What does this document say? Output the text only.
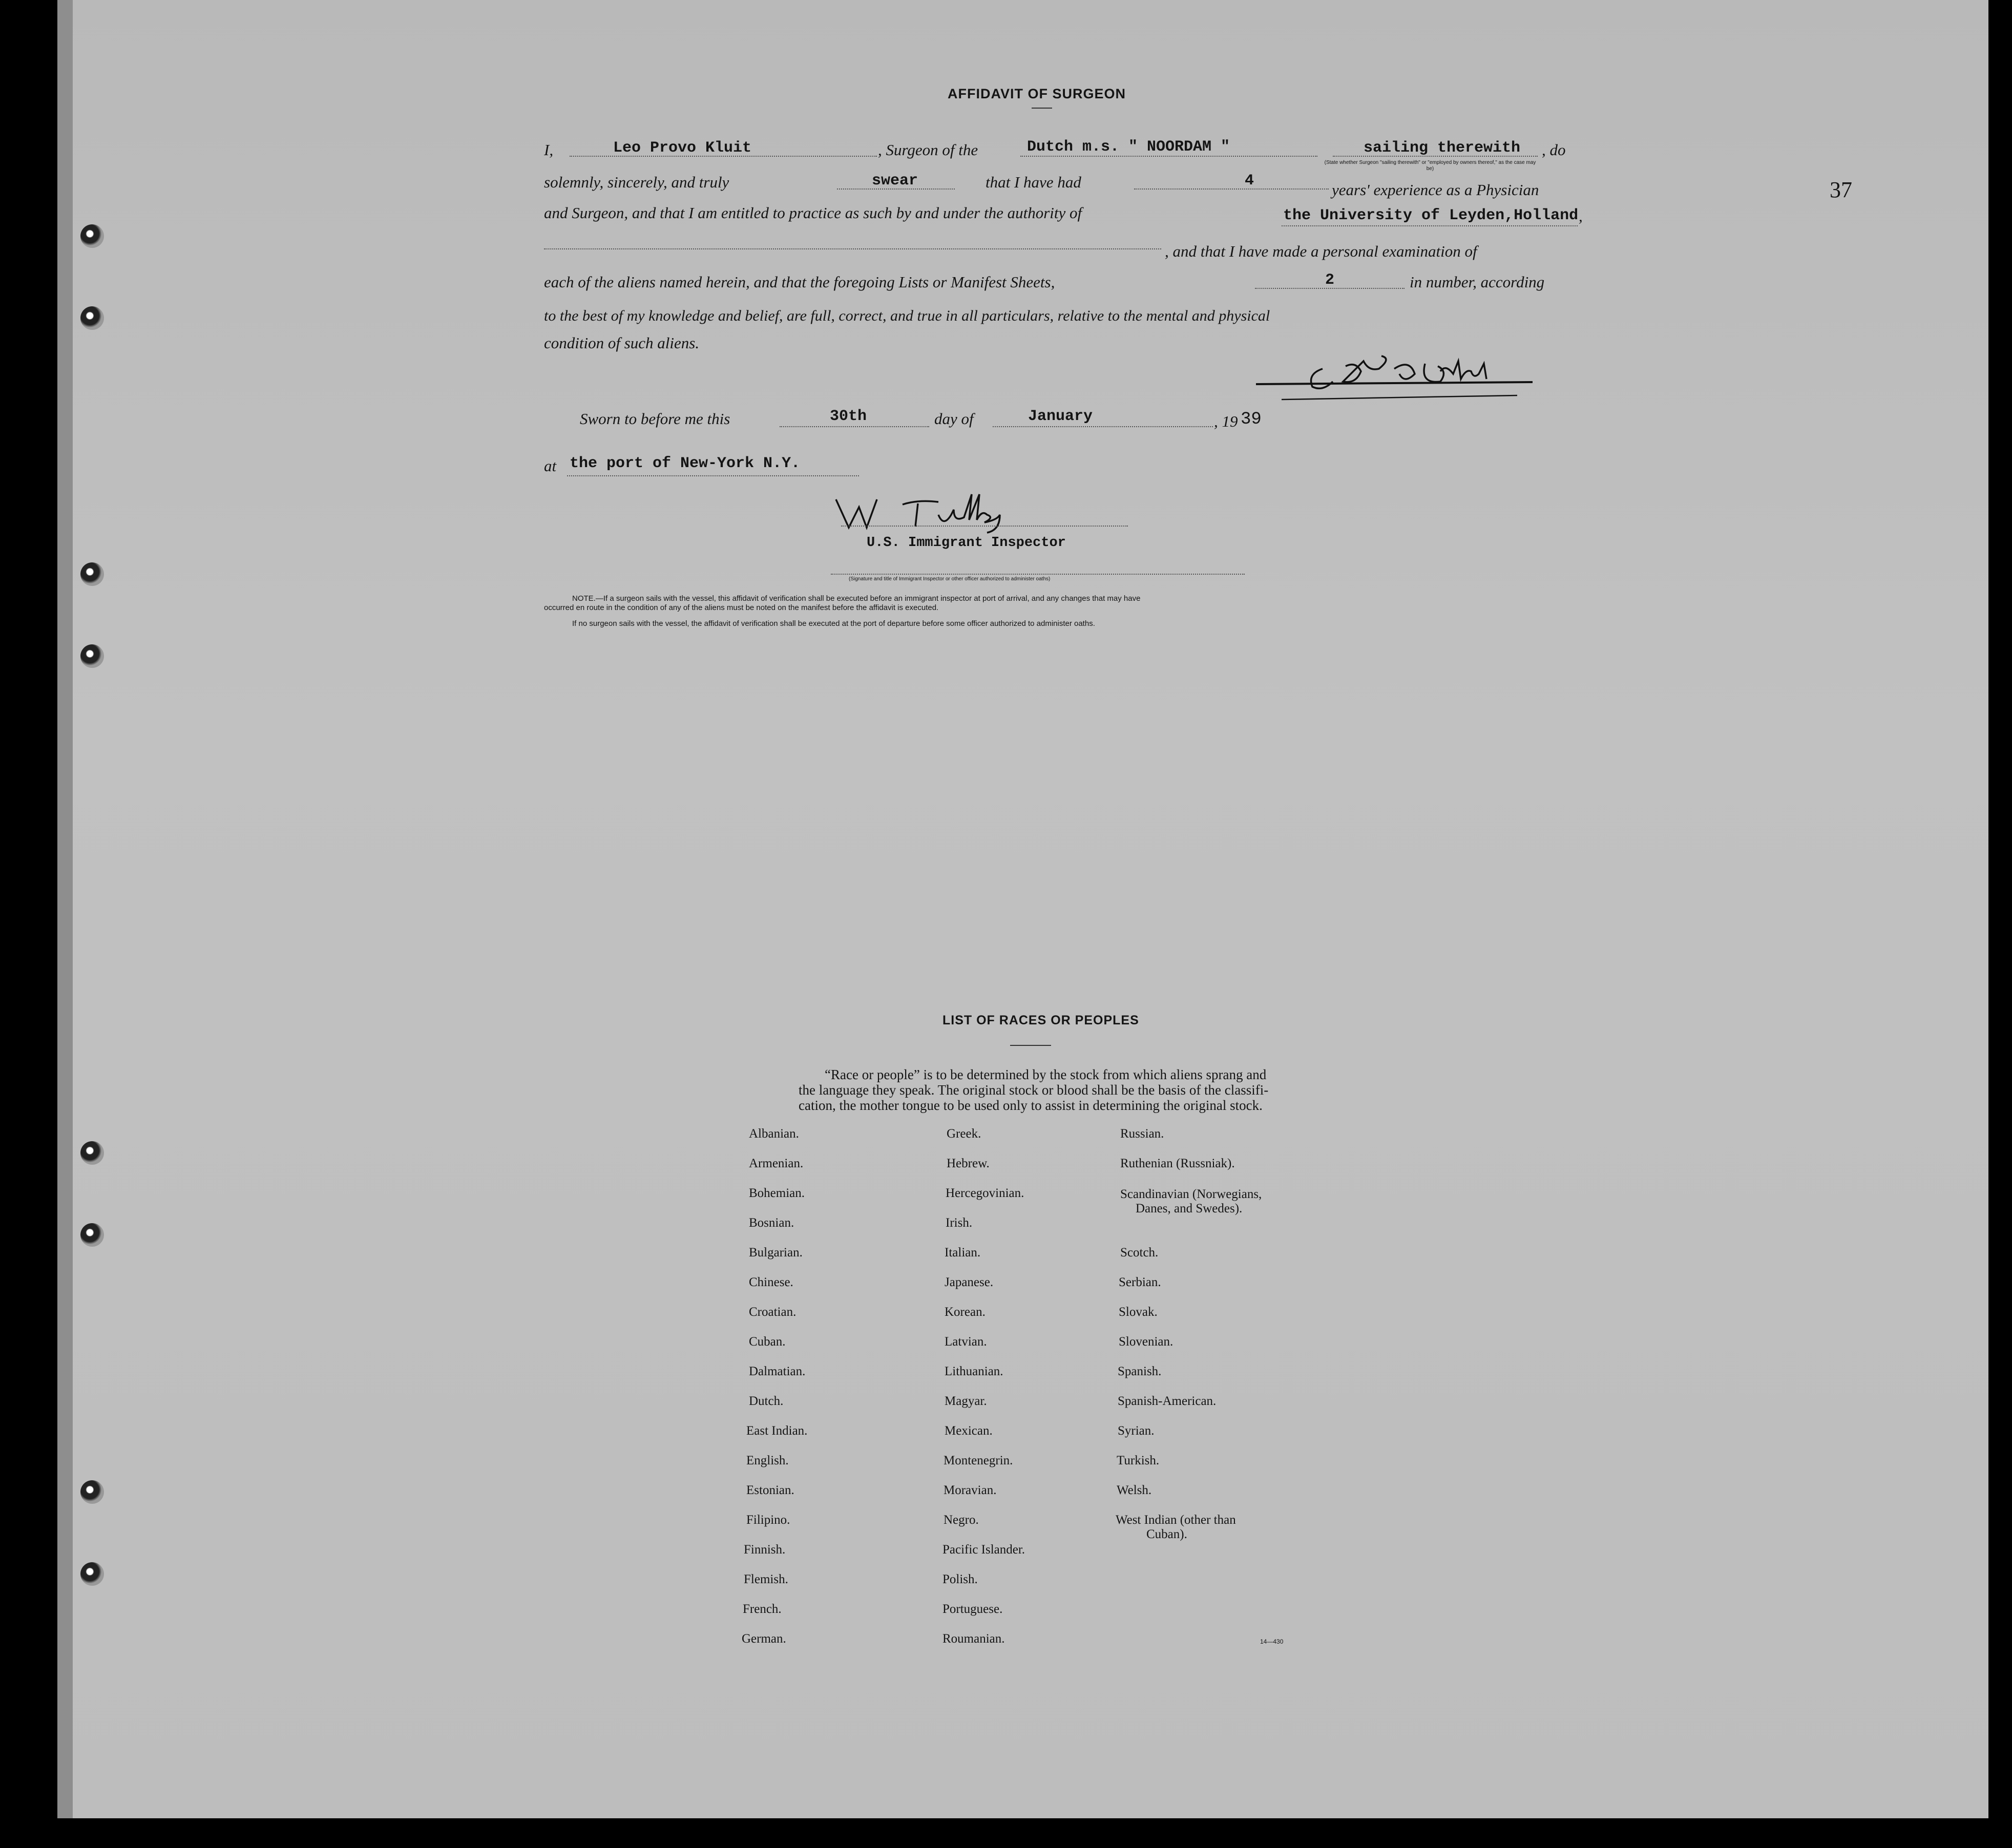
37
AFFIDAVIT OF SURGEON
I,	Leo Provo Kluit	, Surgeon of the	Dutch m.s. " NOORDAM "	sailing therewith , do
(State whether Surgeon "sailing therewith" or "employed by owners thereof," as the case may be)
solemnly, sincerely, and truly	swear	that I have had	4	years' experience as a Physician
and Surgeon, and that I am entitled to practice as such by and under the authority of	the University of Leyden,Holland ,
, and that I have made a personal examination of
each of the aliens named herein, and that the foregoing Lists or Manifest Sheets,	2	in number, according
to the best of my knowledge and belief, are full, correct, and true in all particulars, relative to the mental and physical
condition of such aliens.
Sworn to before me this	30th	day of	January	, 19 39
at the port of New-York N.Y.
U.S. Immigrant Inspector
(Signature and title of Immigrant Inspector or other officer authorized to administer oaths)
NOTE.—If a surgeon sails with the vessel, this affidavit of verification shall be executed before an immigrant inspector at port of arrival, and any changes that may have
occurred en route in the condition of any of the aliens must be noted on the manifest before the affidavit is executed.
If no surgeon sails with the vessel, the affidavit of verification shall be executed at the port of departure before some officer authorized to administer oaths.
LIST OF RACES OR PEOPLES
“Race or people” is to be determined by the stock from which aliens sprang and
the language they speak. The original stock or blood shall be the basis of the classifi-
cation, the mother tongue to be used only to assist in determining the original stock.
Albanian.
Armenian.
Bohemian.
Bosnian.
Bulgarian.
Chinese.
Croatian.
Cuban.
Dalmatian.
Dutch.
East Indian.
English.
Estonian.
Filipino.
Finnish.
Flemish.
French.
German.
Greek.
Hebrew.
Hercegovinian.
Irish.
Italian.
Japanese.
Korean.
Latvian.
Lithuanian.
Magyar.
Mexican.
Montenegrin.
Moravian.
Negro.
Pacific Islander.
Polish.
Portuguese.
Roumanian.
Russian.
Ruthenian (Russniak).
Scandinavian (Norwegians,
Danes, and Swedes).
Scotch.
Serbian.
Slovak.
Slovenian.
Spanish.
Spanish-American.
Syrian.
Turkish.
Welsh.
West Indian (other than
Cuban).
14—430
